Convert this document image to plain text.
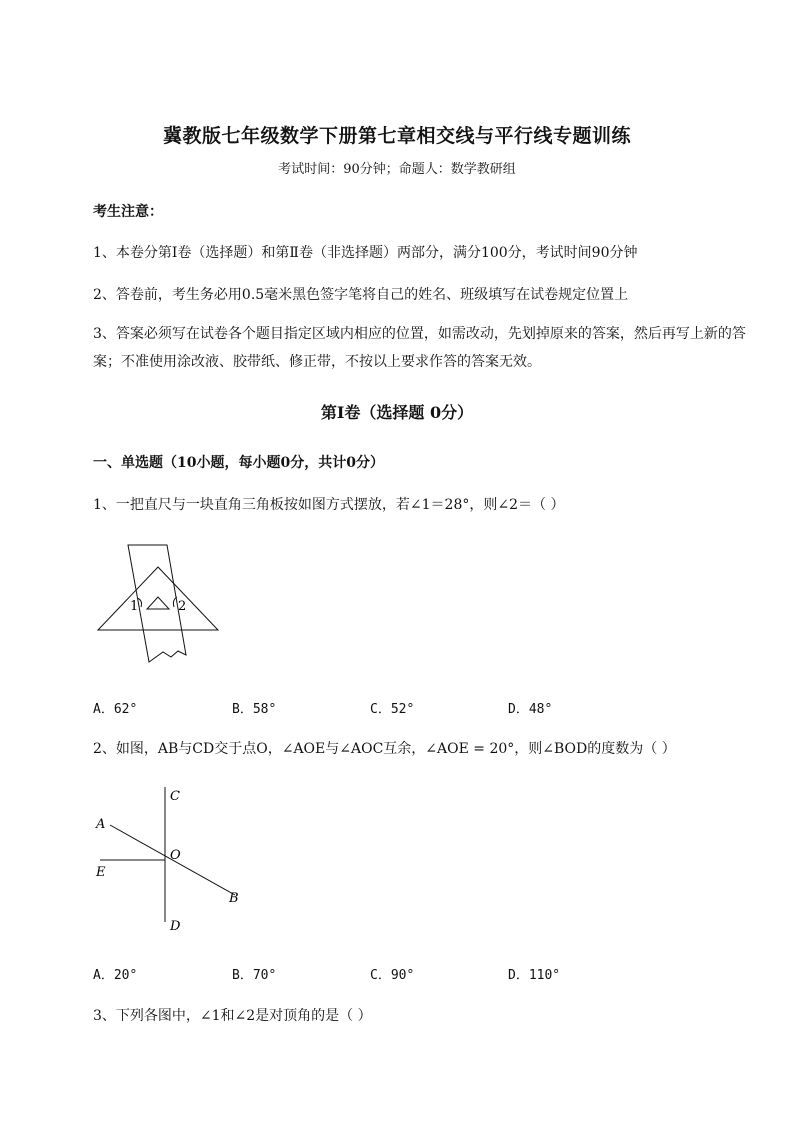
冀教版七年级数学下册第七章相交线与平行线专题训练
考试时间：90分钟；命题人：数学教研组
考生注意：
1、本卷分第I卷（选择题）和第Ⅱ卷（非选择题）两部分，满分100分，考试时间90分钟
2、答卷前，考生务必用0.5毫米黑色签字笔将自己的姓名、班级填写在试卷规定位置上
3、答案必须写在试卷各个题目指定区域内相应的位置，如需改动，先划掉原来的答案，然后再写上新的答案；不准使用涂改液、胶带纸、修正带，不按以上要求作答的答案无效。
第I卷（选择题 0分）
一、单选题（10小题，每小题0分，共计0分）
1、一把直尺与一块直角三角板按如图方式摆放，若∠1＝28°，则∠2＝（ ）
1	2
A．62°	B．58°	C．52°	D．48°
2、如图，AB与CD交于点O，∠AOE与∠AOC互余，∠AOE = 20°，则∠BOD的度数为（ ）
C
A
O
E
B
D
A．20°	B．70°	C．90°	D．110°
3、下列各图中，∠1和∠2是对顶角的是（ ）
